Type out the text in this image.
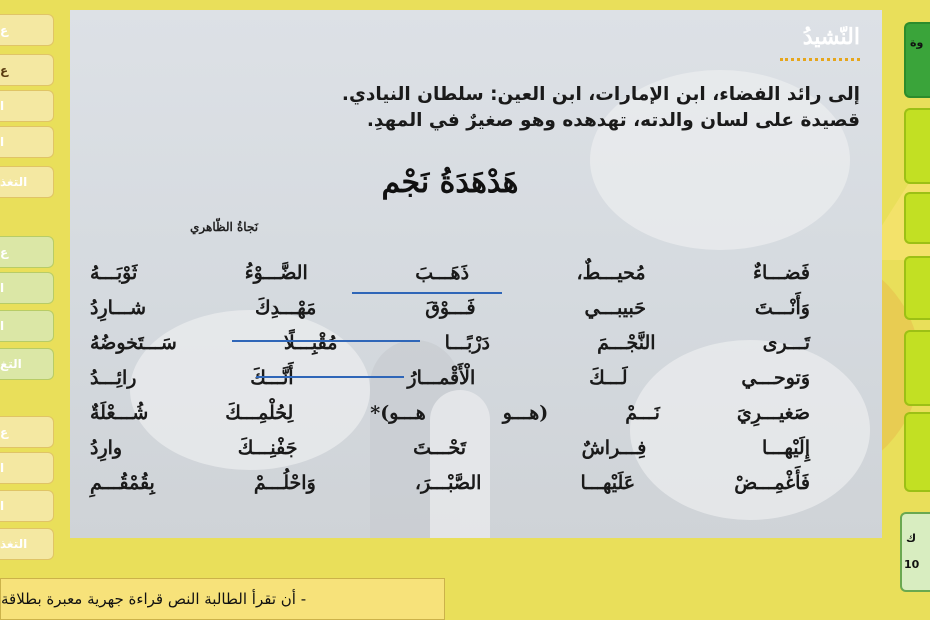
ع
ع
ا
ا
التغذ
ع
ا
ا
التغ
ع
ا
ا
التغذ
وة
ك
10
النّشيدُ
إلى رائد الفضاء، ابن الإمارات، ابن العين: سلطان النيادي.
قصيدة على لسان والدته، تهدهده وهو صغيرٌ في المهدِ.
هَدْهَدَةُ نَجْم
نَجاةُ الظّاهري
فَضـــاءٌ مُحيـــطٌ، ذَهَـــبَ الضَّـــوْءُ ثَوْبَـــهُ
وَأَنْـــتَ حَبيبـــي فَـــوْقَ مَهْـــدِكَ شـــارِدُ
تَـــرى النَّجْـــمَ دَرْبًـــا مُقْبِـــلًا سَـــتَخوضُهُ
وَتوحـــي لَـــكَ الْأَقْمـــارُ أَنَّـــكَ رائِـــدُ
صَغيـــرِيَ نَـــمْ (هـــو هـــو)* لِحُلْمِـــكَ شُـــعْلَةٌ
إِلَيْهـــا فِـــراشٌ تَحْـــتَ جَفْنِـــكَ وارِدُ
فَأَغْمِـــضْ عَلَيْهـــا الصَّبْـــرَ، وَاحْلُـــمْ بِقُمْقُـــمِ
- أن تقرأ الطالبة النص قراءة جهرية معبرة بطلاقة
